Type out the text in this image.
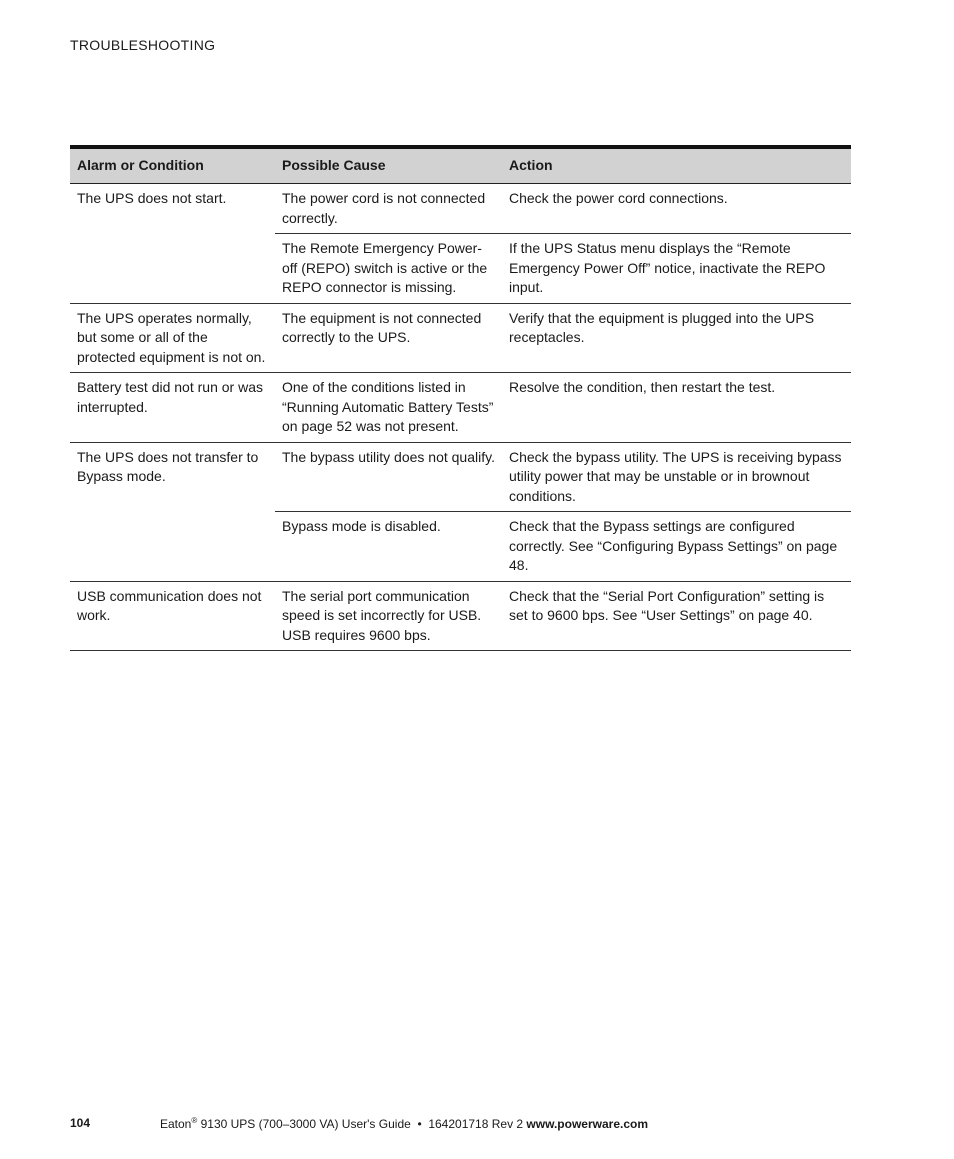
TROUBLESHOOTING
Alarm or Condition	Possible Cause	Action
The UPS does not start.	The power cord is not connected correctly.	Check the power cord connections.
	The Remote Emergency Power-off (REPO) switch is active or the REPO connector is missing.	If the UPS Status menu displays the “Remote Emergency Power Off” notice, inactivate the REPO input.
The UPS operates normally, but some or all of the protected equipment is not on.	The equipment is not connected correctly to the UPS.	Verify that the equipment is plugged into the UPS receptacles.
Battery test did not run or was interrupted.	One of the conditions listed in “Running Automatic Battery Tests” on page 52 was not present.	Resolve the condition, then restart the test.
The UPS does not transfer to Bypass mode.	The bypass utility does not qualify.	Check the bypass utility. The UPS is receiving bypass utility power that may be unstable or in brownout conditions.
	Bypass mode is disabled.	Check that the Bypass settings are configured correctly. See “Configuring Bypass Settings” on page 48.
USB communication does not work.	The serial port communication speed is set incorrectly for USB. USB requires 9600 bps.	Check that the “Serial Port Configuration” setting is set to 9600 bps. See “User Settings” on page 40.
104	Eaton® 9130 UPS (700–3000 VA) User's Guide  •  164201718 Rev 2 www.powerware.com
